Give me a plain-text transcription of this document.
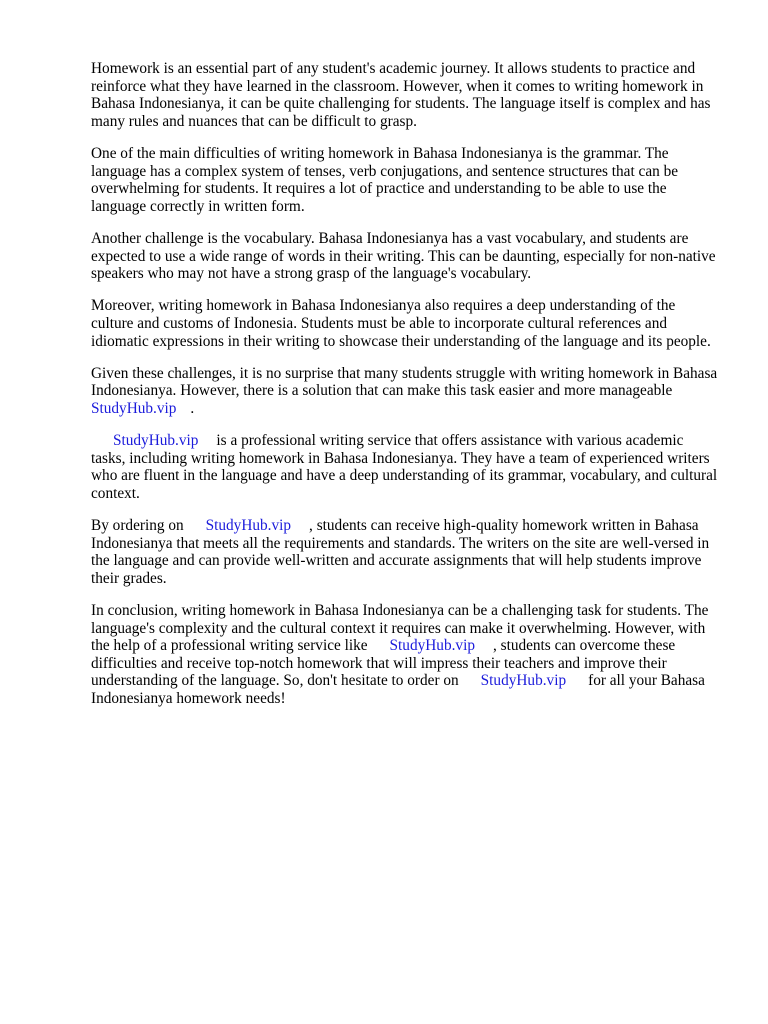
Homework is an essential part of any student's academic journey. It allows students to practice and reinforce what they have learned in the classroom. However, when it comes to writing homework in Bahasa Indonesianya, it can be quite challenging for students. The language itself is complex and has many rules and nuances that can be difficult to grasp.

One of the main difficulties of writing homework in Bahasa Indonesianya is the grammar. The language has a complex system of tenses, verb conjugations, and sentence structures that can be overwhelming for students. It requires a lot of practice and understanding to be able to use the language correctly in written form.

Another challenge is the vocabulary. Bahasa Indonesianya has a vast vocabulary, and students are expected to use a wide range of words in their writing. This can be daunting, especially for non-native speakers who may not have a strong grasp of the language's vocabulary.

Moreover, writing homework in Bahasa Indonesianya also requires a deep understanding of the culture and customs of Indonesia. Students must be able to incorporate cultural references and idiomatic expressions in their writing to showcase their understanding of the language and its people.

Given these challenges, it is no surprise that many students struggle with writing homework in Bahasa Indonesianya. However, there is a solution that can make this task easier and more manageableStudyHub.vip .

StudyHub.vip is a professional writing service that offers assistance with various academic tasks, including writing homework in Bahasa Indonesianya. They have a team of experienced writers who are fluent in the language and have a deep understanding of its grammar, vocabulary, and cultural context.

By ordering on StudyHub.vip , students can receive high-quality homework written in Bahasa Indonesianya that meets all the requirements and standards. The writers on the site are well-versed in the language and can provide well-written and accurate assignments that will help students improve their grades.

In conclusion, writing homework in Bahasa Indonesianya can be a challenging task for students. The language's complexity and the cultural context it requires can make it overwhelming. However, with the help of a professional writing service like StudyHub.vip , students can overcome these difficulties and receive top-notch homework that will impress their teachers and improve their understanding of the language. So, don't hesitate to order on StudyHub.vip for all your Bahasa Indonesianya homework needs!
